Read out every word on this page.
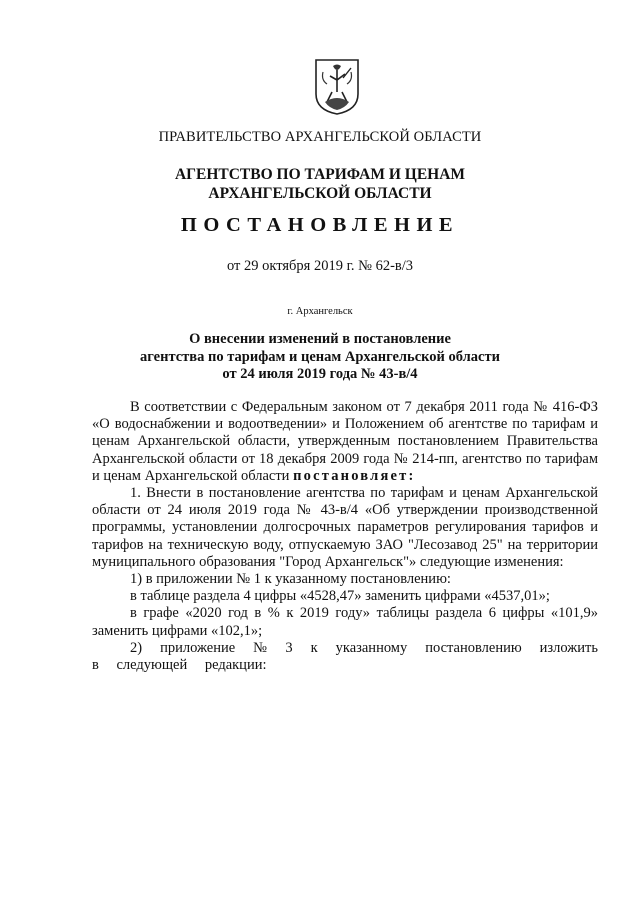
ПРАВИТЕЛЬСТВО АРХАНГЕЛЬСКОЙ ОБЛАСТИ
АГЕНТСТВО ПО ТАРИФАМ И ЦЕНАМ
АРХАНГЕЛЬСКОЙ ОБЛАСТИ
ПОСТАНОВЛЕНИЕ
от 29 октября 2019 г. № 62-в/3
г. Архангельск
О внесении изменений в постановление
агентства по тарифам и ценам Архангельской области
от 24 июля 2019 года № 43-в/4

В соответствии с Федеральным законом от 7 декабря 2011 года № 416-ФЗ «О водоснабжении и водоотведении» и Положением об агентстве по тарифам и ценам Архангельской области, утвержденным постановлением Правительства Архангельской области от 18 декабря 2009 года № 214-пп, агентство по тарифам и ценам Архангельской области постановляет:

1. Внести в постановление агентства по тарифам и ценам Архангельской области от 24 июля 2019 года № 43-в/4 «Об утверждении производственной программы, установлении долгосрочных параметров регулирования тарифов и тарифов на техническую воду, отпускаемую ЗАО "Лесозавод 25" на территории муниципального образования "Город Архангельск"» следующие изменения:

1) в приложении № 1 к указанному постановлению:

в таблице раздела 4 цифры «4528,47» заменить цифрами «4537,01»;

в графе «2020 год в % к 2019 году» таблицы раздела 6 цифры «101,9» заменить цифрами «102,1»;

2) приложение № 3 к указанному постановлению изложить в следующей редакции:
